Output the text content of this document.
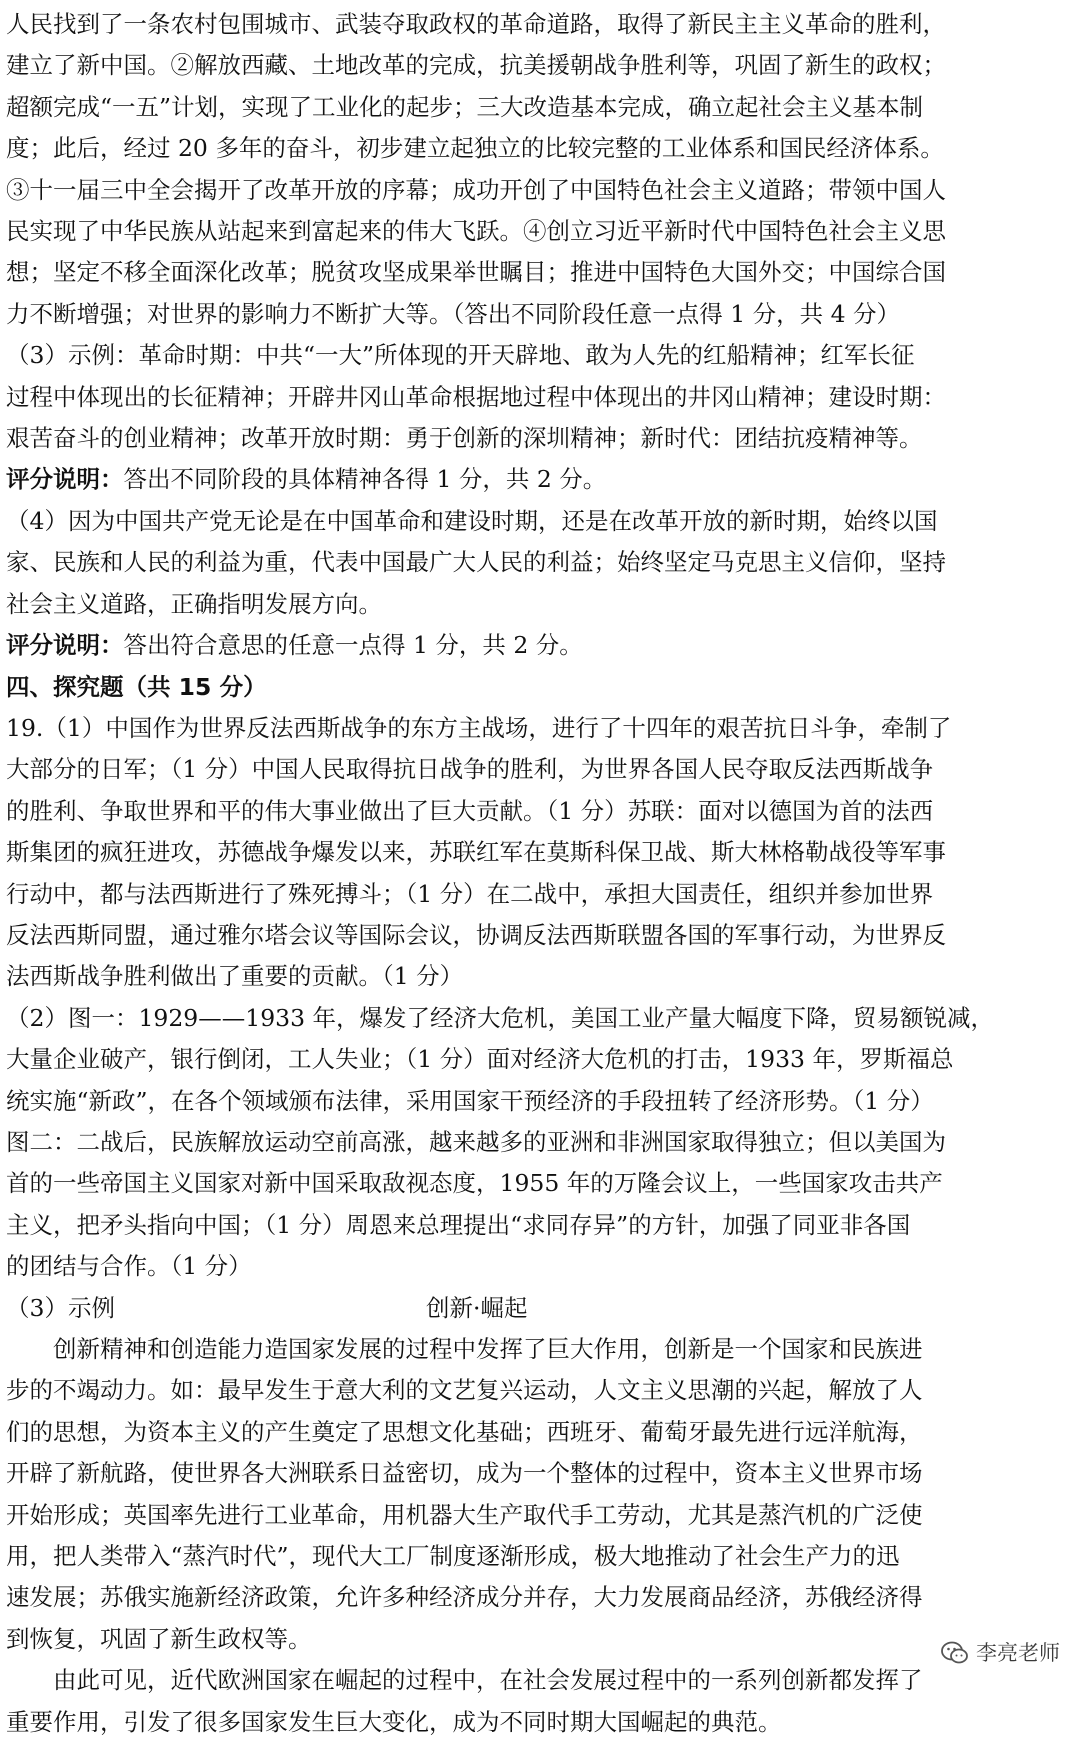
人民找到了一条农村包围城市、武装夺取政权的革命道路，取得了新民主主义革命的胜利，
建立了新中国。②解放西藏、土地改革的完成，抗美援朝战争胜利等，巩固了新生的政权；
超额完成“一五”计划，实现了工业化的起步；三大改造基本完成，确立起社会主义基本制
度；此后，经过 20 多年的奋斗，初步建立起独立的比较完整的工业体系和国民经济体系。
③十一届三中全会揭开了改革开放的序幕；成功开创了中国特色社会主义道路；带领中国人
民实现了中华民族从站起来到富起来的伟大飞跃。④创立习近平新时代中国特色社会主义思
想；坚定不移全面深化改革；脱贫攻坚成果举世瞩目；推进中国特色大国外交；中国综合国
力不断增强；对世界的影响力不断扩大等。（答出不同阶段任意一点得 1 分，共 4 分）
（3）示例：革命时期：中共“一大”所体现的开天辟地、敢为人先的红船精神；红军长征
过程中体现出的长征精神；开辟井冈山革命根据地过程中体现出的井冈山精神；建设时期：
艰苦奋斗的创业精神；改革开放时期：勇于创新的深圳精神；新时代：团结抗疫精神等。
评分说明：答出不同阶段的具体精神各得 1 分，共 2 分。
（4）因为中国共产党无论是在中国革命和建设时期，还是在改革开放的新时期，始终以国
家、民族和人民的利益为重，代表中国最广大人民的利益；始终坚定马克思主义信仰，坚持
社会主义道路，正确指明发展方向。
评分说明：答出符合意思的任意一点得 1 分，共 2 分。
四、探究题（共 15 分）
19.（1）中国作为世界反法西斯战争的东方主战场，进行了十四年的艰苦抗日斗争，牵制了
大部分的日军；（1 分）中国人民取得抗日战争的胜利，为世界各国人民夺取反法西斯战争
的胜利、争取世界和平的伟大事业做出了巨大贡献。（1 分）苏联：面对以德国为首的法西
斯集团的疯狂进攻，苏德战争爆发以来，苏联红军在莫斯科保卫战、斯大林格勒战役等军事
行动中，都与法西斯进行了殊死搏斗；（1 分）在二战中，承担大国责任，组织并参加世界
反法西斯同盟，通过雅尔塔会议等国际会议，协调反法西斯联盟各国的军事行动，为世界反
法西斯战争胜利做出了重要的贡献。（1 分）
（2）图一：1929——1933 年，爆发了经济大危机，美国工业产量大幅度下降，贸易额锐减，
大量企业破产，银行倒闭，工人失业；（1 分）面对经济大危机的打击，1933 年，罗斯福总
统实施“新政”，在各个领域颁布法律，采用国家干预经济的手段扭转了经济形势。（1 分）
图二：二战后，民族解放运动空前高涨，越来越多的亚洲和非洲国家取得独立；但以美国为
首的一些帝国主义国家对新中国采取敌视态度，1955 年的万隆会议上，一些国家攻击共产
主义，把矛头指向中国；（1 分）周恩来总理提出“求同存异”的方针，加强了同亚非各国
的团结与合作。（1 分）
（3）示例	创新·崛起
创新精神和创造能力造国家发展的过程中发挥了巨大作用，创新是一个国家和民族进
步的不竭动力。如：最早发生于意大利的文艺复兴运动，人文主义思潮的兴起，解放了人
们的思想，为资本主义的产生奠定了思想文化基础；西班牙、葡萄牙最先进行远洋航海，
开辟了新航路，使世界各大洲联系日益密切，成为一个整体的过程中，资本主义世界市场
开始形成；英国率先进行工业革命，用机器大生产取代手工劳动，尤其是蒸汽机的广泛使
用，把人类带入“蒸汽时代”，现代大工厂制度逐渐形成，极大地推动了社会生产力的迅
速发展；苏俄实施新经济政策，允许多种经济成分并存，大力发展商品经济，苏俄经济得
到恢复，巩固了新生政权等。
由此可见，近代欧洲国家在崛起的过程中，在社会发展过程中的一系列创新都发挥了
重要作用，引发了很多国家发生巨大变化，成为不同时期大国崛起的典范。
李亮老师
